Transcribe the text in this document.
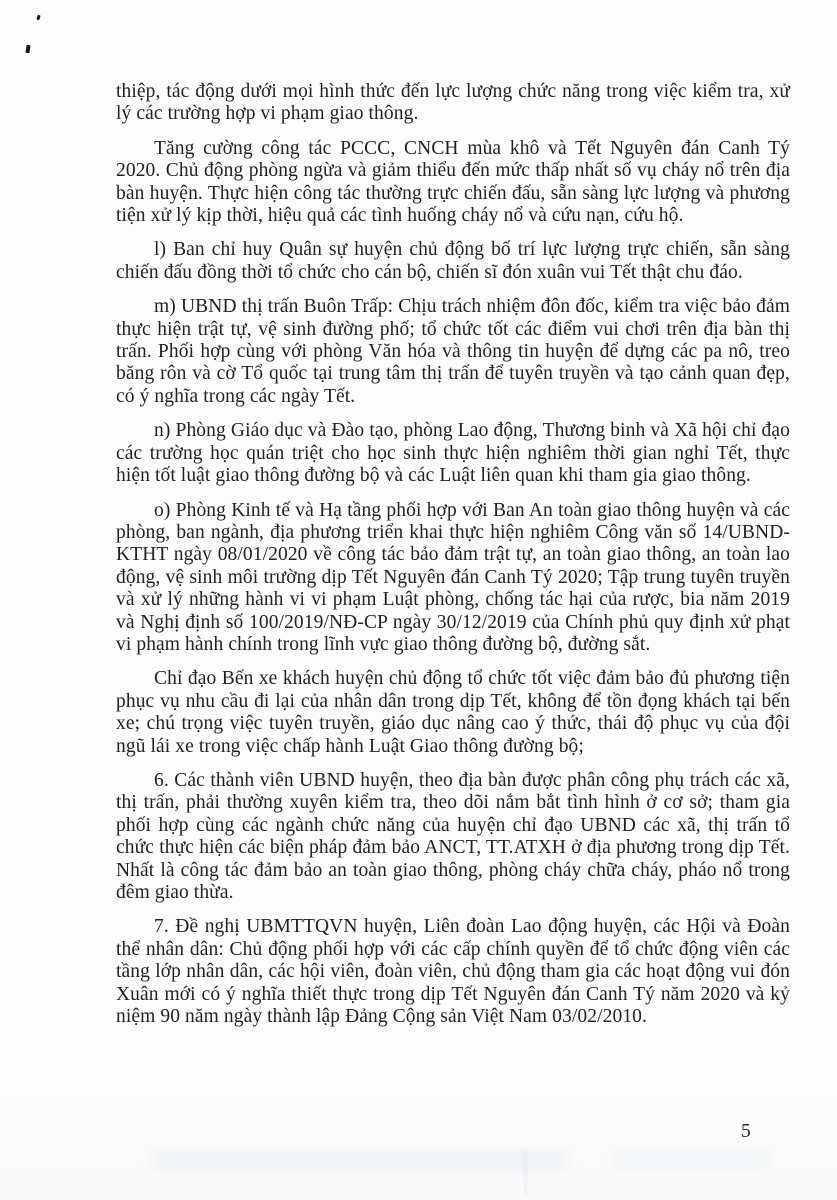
thiệp, tác động dưới mọi hình thức đến lực lượng chức năng trong việc kiểm tra, xử lý các trường hợp vi phạm giao thông.

Tăng cường công tác PCCC, CNCH mùa khô và Tết Nguyên đán Canh Tý 2020. Chủ động phòng ngừa và giảm thiểu đến mức thấp nhất số vụ cháy nổ trên địa bàn huyện. Thực hiện công tác thường trực chiến đấu, sẵn sàng lực lượng và phương tiện xử lý kịp thời, hiệu quả các tình huống cháy nổ và cứu nạn, cứu hộ.

l) Ban chỉ huy Quân sự huyện chủ động bố trí lực lượng trực chiến, sẵn sàng chiến đấu đồng thời tổ chức cho cán bộ, chiến sĩ đón xuân vui Tết thật chu đáo.

m) UBND thị trấn Buôn Trấp: Chịu trách nhiệm đôn đốc, kiểm tra việc bảo đảm thực hiện trật tự, vệ sinh đường phố; tổ chức tốt các điểm vui chơi trên địa bàn thị trấn. Phối hợp cùng với phòng Văn hóa và thông tin huyện để dựng các pa nô, treo băng rôn và cờ Tổ quốc tại trung tâm thị trấn để tuyên truyền và tạo cảnh quan đẹp, có ý nghĩa trong các ngày Tết.

n) Phòng Giáo dục và Đào tạo, phòng Lao động, Thương binh và Xã hội chỉ đạo các trường học quán triệt cho học sinh thực hiện nghiêm thời gian nghỉ Tết, thực hiện tốt luật giao thông đường bộ và các Luật liên quan khi tham gia giao thông.

o) Phòng Kinh tế và Hạ tầng phối hợp với Ban An toàn giao thông huyện và các phòng, ban ngành, địa phương triển khai thực hiện nghiêm Công văn số 14/UBND-KTHT ngày 08/01/2020 về công tác bảo đảm trật tự, an toàn giao thông, an toàn lao động, vệ sinh môi trường dịp Tết Nguyên đán Canh Tý 2020; Tập trung tuyên truyền và xử lý những hành vi vi phạm Luật phòng, chống tác hại của rược, bia năm 2019 và Nghị định số 100/2019/NĐ-CP ngày 30/12/2019 của Chính phủ quy định xử phạt vi phạm hành chính trong lĩnh vực giao thông đường bộ, đường sắt.

Chỉ đạo Bến xe khách huyện chủ động tổ chức tốt việc đảm bảo đủ phương tiện phục vụ nhu cầu đi lại của nhân dân trong dịp Tết, không để tồn đọng khách tại bến xe; chú trọng việc tuyên truyền, giáo dục nâng cao ý thức, thái độ phục vụ của đội ngũ lái xe trong việc chấp hành Luật Giao thông đường bộ;

6. Các thành viên UBND huyện, theo địa bàn được phân công phụ trách các xã, thị trấn, phải thường xuyên kiểm tra, theo dõi nắm bắt tình hình ở cơ sở; tham gia phối hợp cùng các ngành chức năng của huyện chỉ đạo UBND các xã, thị trấn tổ chức thực hiện các biện pháp đảm bảo ANCT, TT.ATXH ở địa phương trong dịp Tết. Nhất là công tác đảm bảo an toàn giao thông, phòng cháy chữa cháy, pháo nổ trong đêm giao thừa.

7. Đề nghị UBMTTQVN huyện, Liên đoàn Lao động huyện, các Hội và Đoàn thể nhân dân: Chủ động phối hợp với các cấp chính quyền để tổ chức động viên các tầng lớp nhân dân, các hội viên, đoàn viên, chủ động tham gia các hoạt động vui đón Xuân mới có ý nghĩa thiết thực trong dịp Tết Nguyên đán Canh Tý năm 2020 và kỷ niệm 90 năm ngày thành lập Đảng Cộng sản Việt Nam 03/02/2010.

5
